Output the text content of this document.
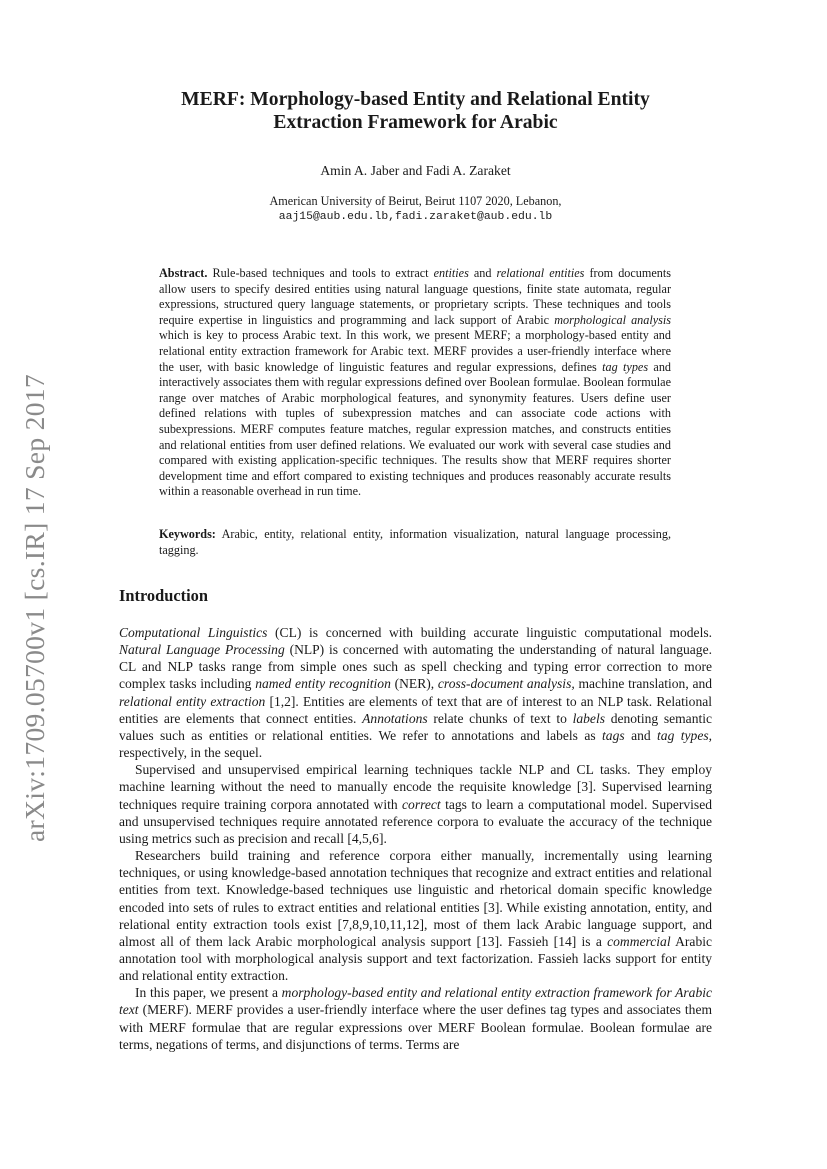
arXiv:1709.05700v1 [cs.IR] 17 Sep 2017
MERF: Morphology-based Entity and Relational Entity
Extraction Framework for Arabic
Amin A. Jaber and Fadi A. Zaraket
American University of Beirut, Beirut 1107 2020, Lebanon,
aaj15@aub.edu.lb,fadi.zaraket@aub.edu.lb
Abstract. Rule-based techniques and tools to extract entities and relational entities from documents allow users to specify desired entities using natural language questions, finite state automata, regular expressions, structured query language statements, or proprietary scripts. These techniques and tools require expertise in linguistics and programming and lack support of Arabic morphological analysis which is key to process Arabic text. In this work, we present MERF; a morphology-based entity and relational entity extraction framework for Arabic text. MERF provides a user-friendly interface where the user, with basic knowledge of linguistic features and regular expressions, defines tag types and interactively associates them with regular expressions defined over Boolean formulae. Boolean formulae range over matches of Arabic morphological features, and synonymity features. Users define user defined relations with tuples of subexpression matches and can associate code actions with subexpressions. MERF computes feature matches, regular expression matches, and constructs entities and relational entities from user defined relations. We evaluated our work with several case studies and compared with existing application-specific techniques. The results show that MERF requires shorter development time and effort compared to existing techniques and produces reasonably accurate results within a reasonable overhead in run time.
Keywords: Arabic, entity, relational entity, information visualization, natural language processing, tagging.
Introduction

Computational Linguistics (CL) is concerned with building accurate linguistic computational models. Natural Language Processing (NLP) is concerned with automating the understanding of natural language. CL and NLP tasks range from simple ones such as spell checking and typing error correction to more complex tasks including named entity recognition (NER), cross-document analysis, machine translation, and relational entity extraction [1,2]. Entities are elements of text that are of interest to an NLP task. Relational entities are elements that connect entities. Annotations relate chunks of text to labels denoting semantic values such as entities or relational entities. We refer to annotations and labels as tags and tag types, respectively, in the sequel.

Supervised and unsupervised empirical learning techniques tackle NLP and CL tasks. They employ machine learning without the need to manually encode the requisite knowledge [3]. Supervised learning techniques require training corpora annotated with correct tags to learn a computational model. Supervised and unsupervised techniques require annotated reference corpora to evaluate the accuracy of the technique using metrics such as precision and recall [4,5,6].

Researchers build training and reference corpora either manually, incrementally using learning techniques, or using knowledge-based annotation techniques that recognize and extract entities and relational entities from text. Knowledge-based techniques use linguistic and rhetorical domain specific knowledge encoded into sets of rules to extract entities and relational entities [3]. While existing annotation, entity, and relational entity extraction tools exist [7,8,9,10,11,12], most of them lack Arabic language support, and almost all of them lack Arabic morphological analysis support [13]. Fassieh [14] is a commercial Arabic annotation tool with morphological analysis support and text factorization. Fassieh lacks support for entity and relational entity extraction.

In this paper, we present a morphology-based entity and relational entity extraction framework for Arabic text (MERF). MERF provides a user-friendly interface where the user defines tag types and associates them with MERF formulae that are regular expressions over MERF Boolean formulae. Boolean formulae are terms, negations of terms, and disjunctions of terms. Terms are
